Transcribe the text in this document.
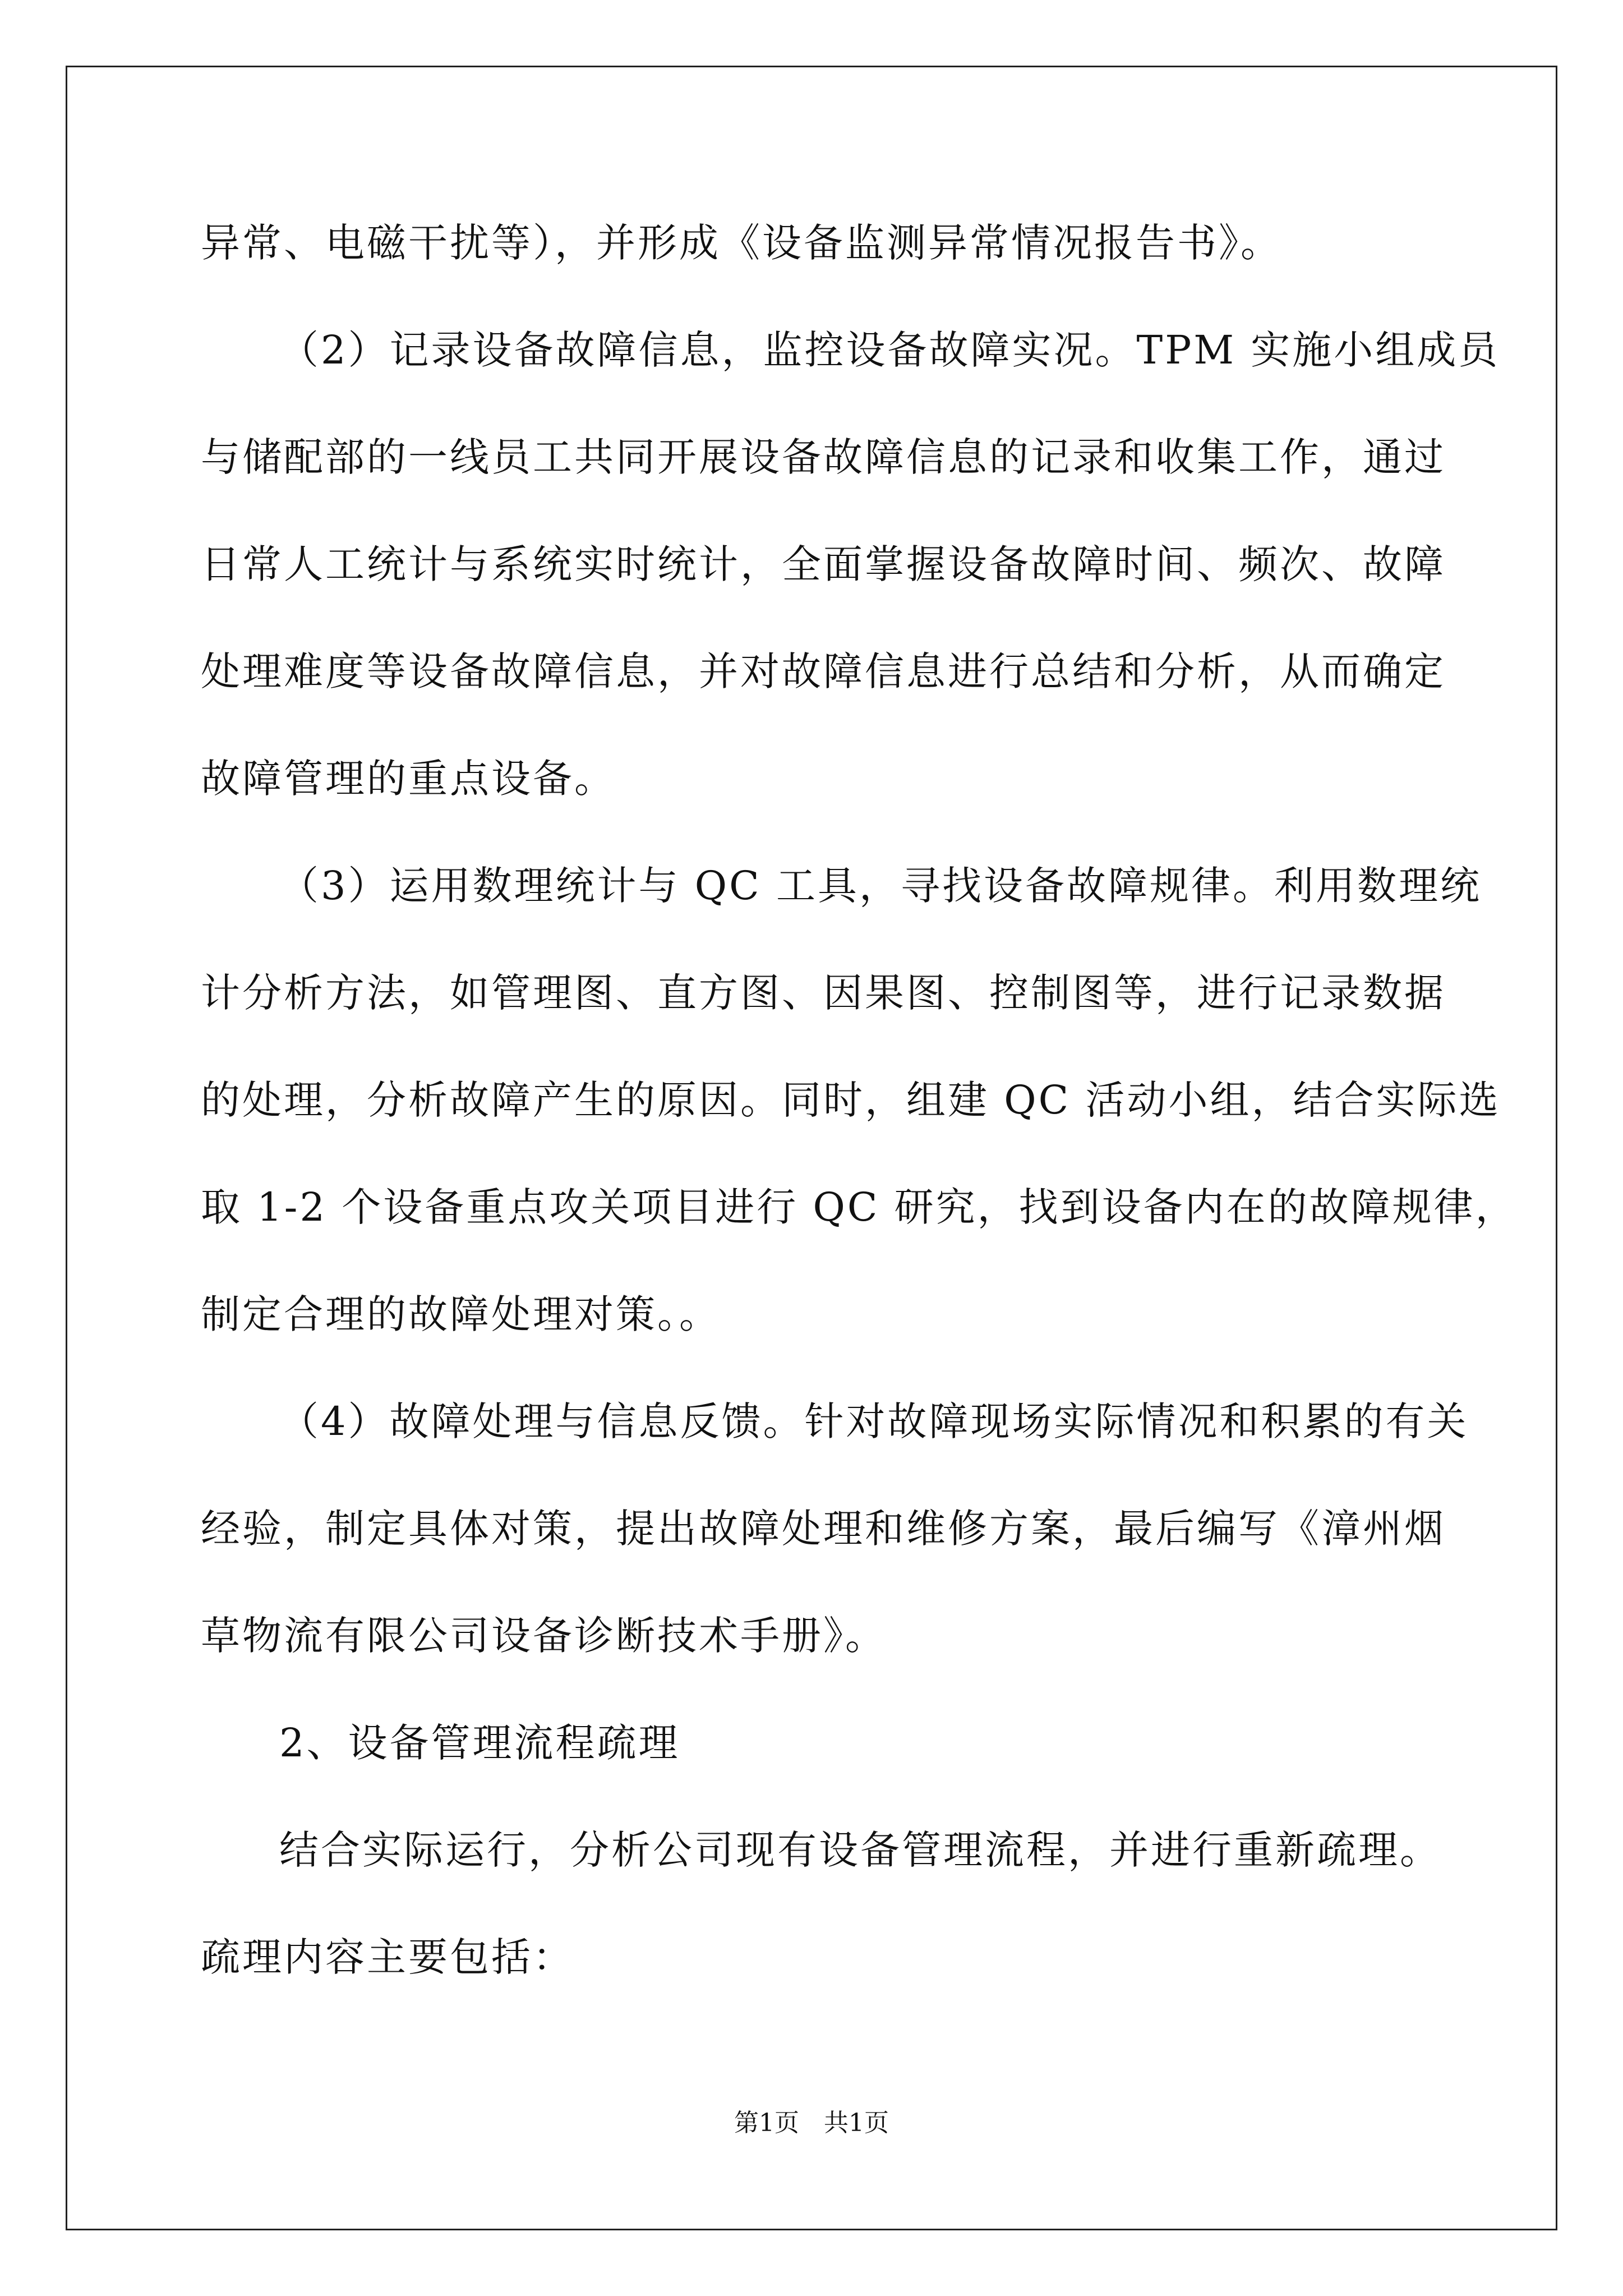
异常、电磁干扰等），并形成《设备监测异常情况报告书》。
（2）记录设备故障信息，监控设备故障实况。TPM 实施小组成员
与储配部的一线员工共同开展设备故障信息的记录和收集工作，通过
日常人工统计与系统实时统计，全面掌握设备故障时间、频次、故障
处理难度等设备故障信息，并对故障信息进行总结和分析，从而确定
故障管理的重点设备。
（3）运用数理统计与 QC 工具，寻找设备故障规律。利用数理统
计分析方法，如管理图、直方图、因果图、控制图等，进行记录数据
的处理，分析故障产生的原因。同时，组建 QC 活动小组，结合实际选
取 1-2 个设备重点攻关项目进行 QC 研究，找到设备内在的故障规律，
制定合理的故障处理对策。。
（4）故障处理与信息反馈。针对故障现场实际情况和积累的有关
经验，制定具体对策，提出故障处理和维修方案，最后编写《漳州烟
草物流有限公司设备诊断技术手册》。
2、设备管理流程疏理
结合实际运行，分析公司现有设备管理流程，并进行重新疏理。
疏理内容主要包括：
第1页　共1页
